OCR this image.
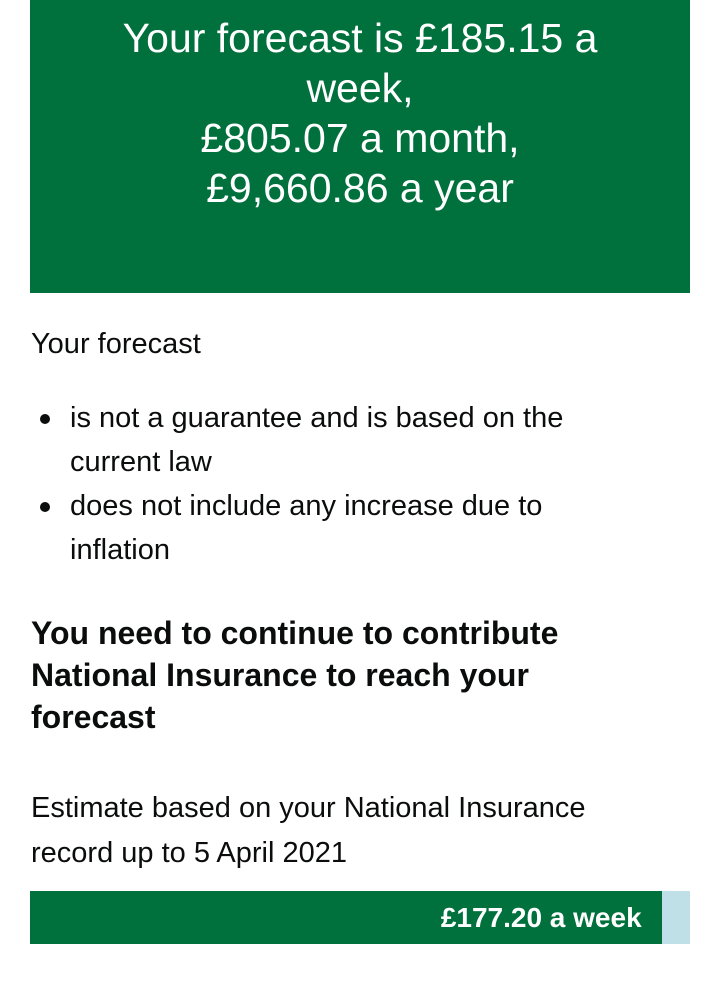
Your forecast is £185.15 a
week,
£805.07 a month,
£9,660.86 a year

Your forecast

is not a guarantee and is based on the
current law
does not include any increase due to
inflation
You need to continue to contribute
National Insurance to reach your
forecast

Estimate based on your National Insurance
record up to 5 April 2021

£177.20 a week
